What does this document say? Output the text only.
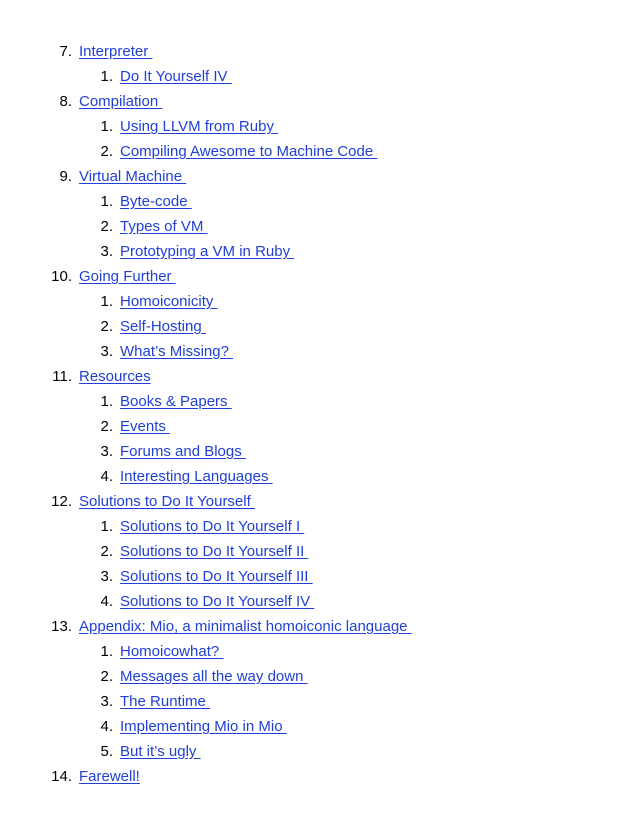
7. Interpreter
1. Do It Yourself IV
8. Compilation
1. Using LLVM from Ruby
2. Compiling Awesome to Machine Code
9. Virtual Machine
1. Byte-code
2. Types of VM
3. Prototyping a VM in Ruby
10. Going Further
1. Homoiconicity
2. Self-Hosting
3. What’s Missing?
11. Resources
1. Books & Papers
2. Events
3. Forums and Blogs
4. Interesting Languages
12. Solutions to Do It Yourself
1. Solutions to Do It Yourself I
2. Solutions to Do It Yourself II
3. Solutions to Do It Yourself III
4. Solutions to Do It Yourself IV
13. Appendix: Mio, a minimalist homoiconic language
1. Homoicowhat?
2. Messages all the way down
3. The Runtime
4. Implementing Mio in Mio
5. But it’s ugly
14. Farewell!
